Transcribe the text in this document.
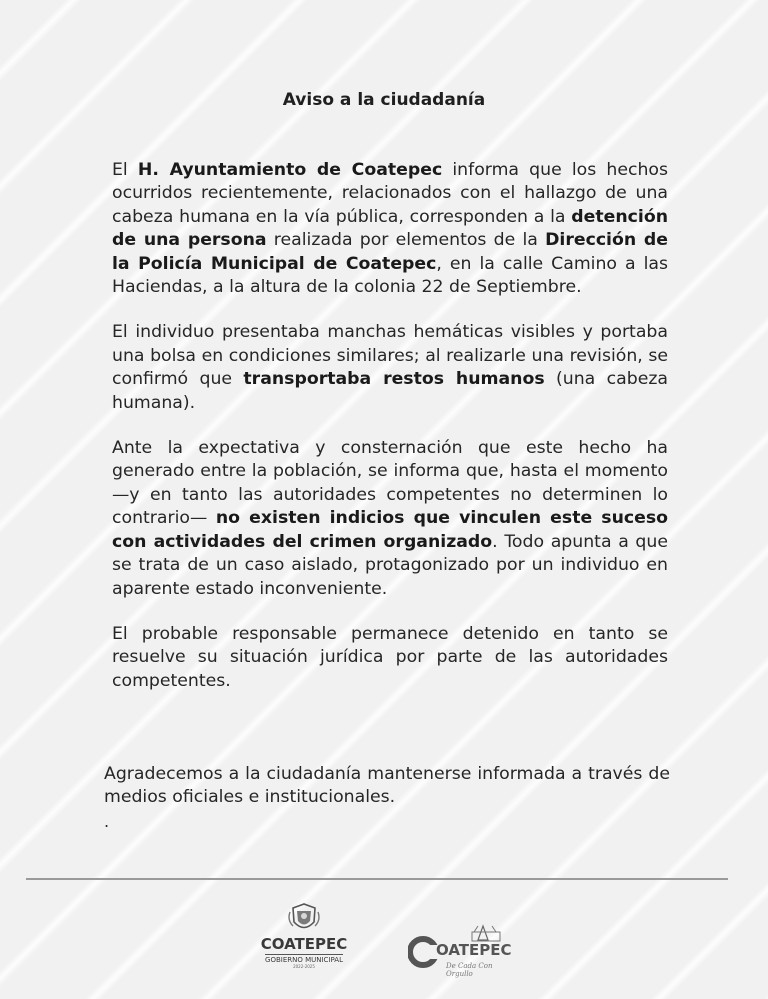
Aviso a la ciudadanía

El H. Ayuntamiento de Coatepec informa que los hechos ocurridos recientemente, relacionados con el hallazgo de una cabeza humana en la vía pública, corresponden a la detención de una persona realizada por elementos de la Dirección de la Policía Municipal de Coatepec, en la calle Camino a las Haciendas, a la altura de la colonia 22 de Septiembre.

El individuo presentaba manchas hemáticas visibles y portaba una bolsa en condiciones similares; al realizarle una revisión, se confirmó que transportaba restos humanos (una cabeza humana).

Ante la expectativa y consternación que este hecho ha generado entre la población, se informa que, hasta el momento —y en tanto las autoridades competentes no determinen lo contrario— no existen indicios que vinculen este suceso con actividades del crimen organizado. Todo apunta a que se trata de un caso aislado, protagonizado por un individuo en aparente estado inconveniente.

El probable responsable permanece detenido en tanto se resuelve su situación jurídica por parte de las autoridades competentes.

Agradecemos a la ciudadanía mantenerse informada a través de medios oficiales e institucionales.

.
COATEPEC
GOBIERNO MUNICIPAL
2022-2025
OATEPEC
De Cada Con Orgullo
